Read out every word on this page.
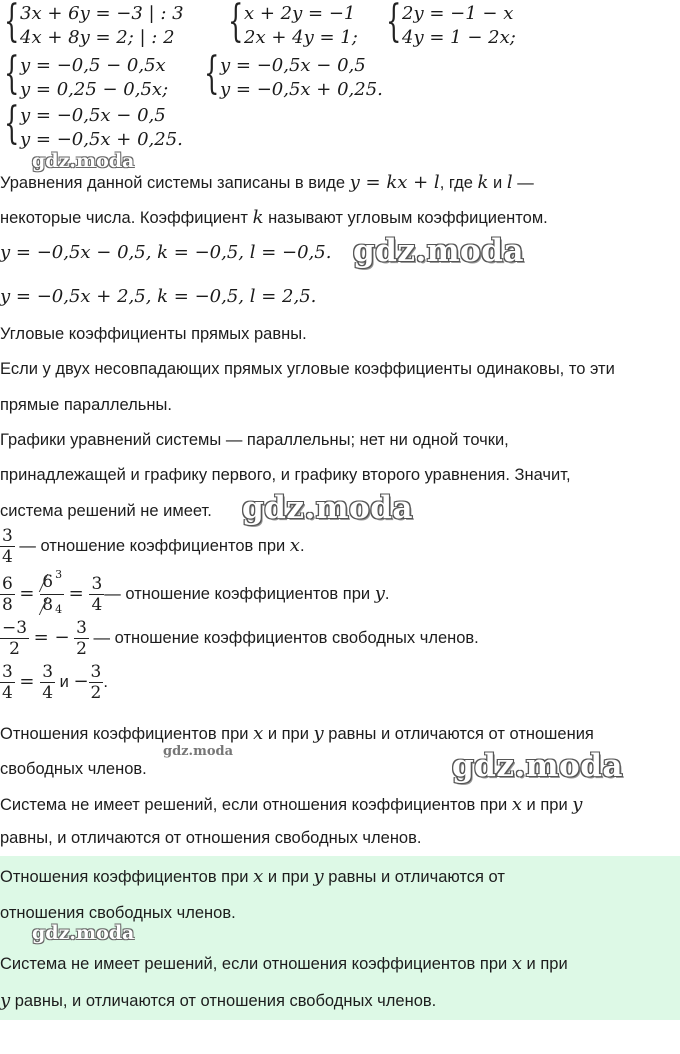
{ 3x + 6y = −3 | : 3
4x + 8y = 2; | : 2 { x + 2y = −1
2x + 4y = 1; { 2y = −1 − x
4y = 1 − 2x;
{ y = −0,5 − 0,5x
y = 0,25 − 0,5x; { y = −0,5x − 0,5
y = −0,5x + 0,25.
{ y = −0,5x − 0,5
y = −0,5x + 0,25.
gdz.moda
Уравнения данной системы записаны в виде y = kx + l, где k и l —
некоторые числа. Коэффициент k называют угловым коэффициентом.
y = −0,5x − 0,5, k = −0,5, l = −0,5. gdz.moda
y = −0,5x + 2,5, k = −0,5, l = 2,5.
Угловые коэффициенты прямых равны.
Если у двух несовпадающих прямых угловые коэффициенты одинаковы, то эти
прямые параллельны.
Графики уравнений системы — параллельны; нет ни одной точки,
принадлежащей и графику первого, и графику второго уравнения. Значит,
система решений не имеет. gdz.moda
$\frac{3}{4}$ — отношение коэффициентов при x.
$\frac{6}{8} = \frac{6 ^3}{8 4} = \frac{3}{4}$ — отношение коэффициентов при y.
$\frac{-3}{2}$ = − $\frac{3}{2}$ — отношение коэффициентов свободных членов.
$\frac{3}{4} = \frac{3}{4}$ $и - \frac{3}{2}$ .
Отношения коэффициентов при x и при y равны и отличаются от отношения
gdz.moda
свободных членов.	gdz.moda
Система не имеет решений, если отношения коэффициентов при x и при y
равны, и отличаются от отношения свободных членов.
Отношения коэффициентов при x и при y равны и отличаются от
отношения свободных членов.
gdz.moda
Система не имеет решений, если отношения коэффициентов при x и при
y равны, и отличаются от отношения свободных членов.
